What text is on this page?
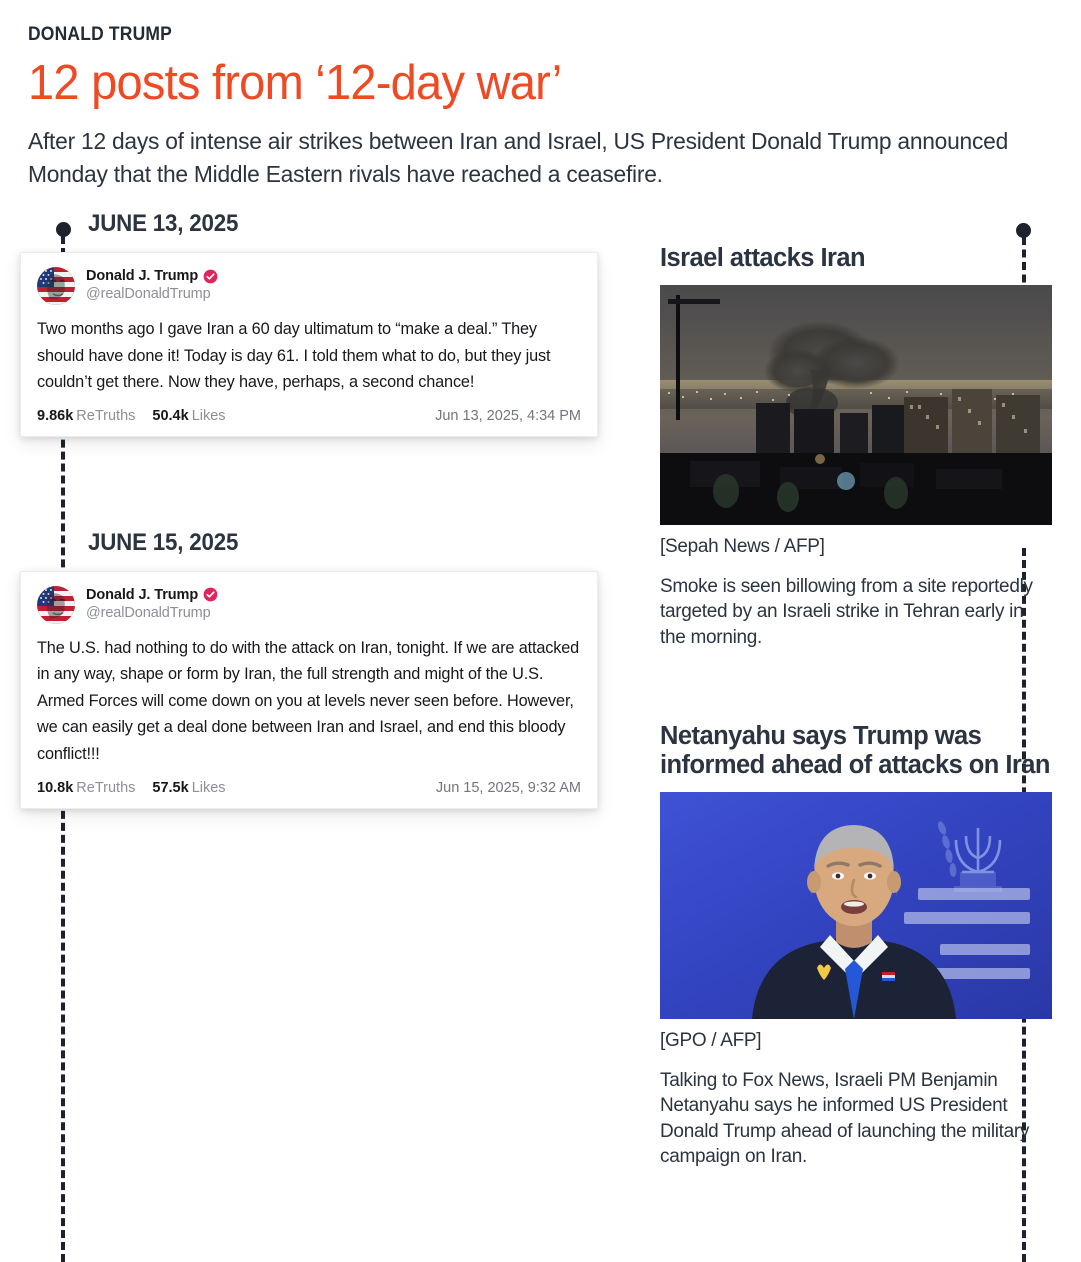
DONALD TRUMP
12 posts from ‘12-day war’
After 12 days of intense air strikes between Iran and Israel, US President Donald Trump announced Monday that the Middle Eastern rivals have reached a ceasefire.
JUNE 13, 2025
Donald J. Trump
@realDonaldTrump
Two months ago I gave Iran a 60 day ultimatum to “make a deal.” They should have done it! Today is day 61. I told them what to do, but they just couldn’t get there. Now they have, perhaps, a second chance!
9.86k ReTruths 50.4k Likes	Jun 13, 2025, 4:34 PM
JUNE 15, 2025
Donald J. Trump
@realDonaldTrump
The U.S. had nothing to do with the attack on Iran, tonight. If we are attacked in any way, shape or form by Iran, the full strength and might of the U.S. Armed Forces will come down on you at levels never seen before. However, we can easily get a deal done between Iran and Israel, and end this bloody conflict!!!
10.8k ReTruths 57.5k Likes	Jun 15, 2025, 9:32 AM
Israel attacks Iran
[Sepah News / AFP]
Smoke is seen billowing from a site reportedly targeted by an Israeli strike in Tehran early in the morning.
Netanyahu says Trump was informed ahead of attacks on Iran
[GPO / AFP]
Talking to Fox News, Israeli PM Benjamin Netanyahu says he informed US President Donald Trump ahead of launching the military campaign on Iran.
